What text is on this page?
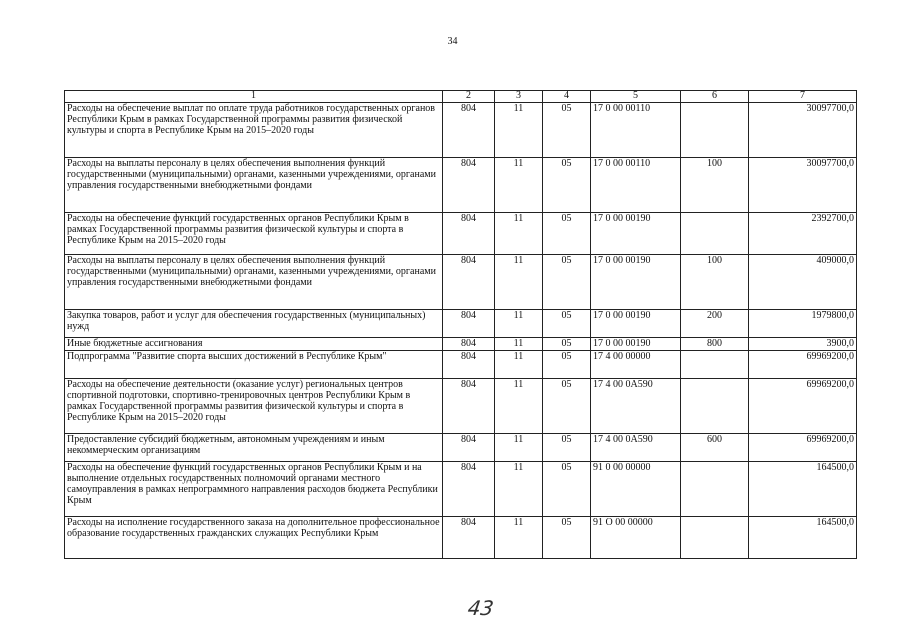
34
1	2	3	4	5	6	7
Расходы на обеспечение выплат по оплате труда работников государственных органов Республики Крым в рамках Государственной программы развития физической культуры и спорта в Республике Крым на 2015–2020 годы	804	11	05	17 0 00 00110		30097700,0
Расходы на выплаты персоналу в целях обеспечения выполнения функций государственными (муниципальными) органами, казенными учреждениями, органами управления государственными внебюджетными фондами	804	11	05	17 0 00 00110	100	30097700,0
Расходы на обеспечение функций государственных органов Республики Крым в рамках Государственной программы развития физической культуры и спорта в Республике Крым на 2015–2020 годы	804	11	05	17 0 00 00190		2392700,0
Расходы на выплаты персоналу в целях обеспечения выполнения функций государственными (муниципальными) органами, казенными учреждениями, органами управления государственными внебюджетными фондами	804	11	05	17 0 00 00190	100	409000,0
Закупка товаров, работ и услуг для обеспечения государственных (муниципальных) нужд	804	11	05	17 0 00 00190	200	1979800,0
Иные бюджетные ассигнования	804	11	05	17 0 00 00190	800	3900,0
Подпрограмма "Развитие спорта высших достижений в Республике Крым"	804	11	05	17 4 00 00000		69969200,0
Расходы на обеспечение деятельности (оказание услуг) региональных центров спортивной подготовки, спортивно-тренировочных центров Республики Крым в рамках Государственной программы развития физической культуры и спорта в Республике Крым на 2015–2020 годы	804	11	05	17 4 00 0А590		69969200,0
Предоставление субсидий бюджетным, автономным учреждениям и иным некоммерческим организациям	804	11	05	17 4 00 0А590	600	69969200,0
Расходы на обеспечение функций государственных органов Республики Крым и на выполнение отдельных государственных полномочий органами местного самоуправления в рамках непрограммного направления расходов бюджета Республики Крым	804	11	05	91 0 00 00000		164500,0
Расходы на исполнение государственного заказа на дополнительное профессиональное образование государственных гражданских служащих Республики Крым	804	11	05	91 О 00 00000		164500,0
43
